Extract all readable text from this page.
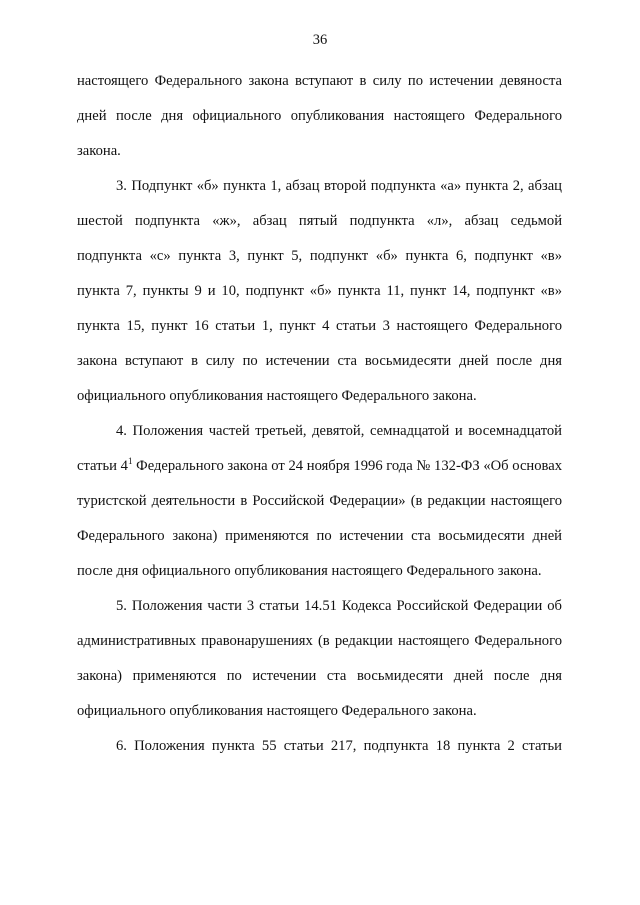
36

настоящего Федерального закона вступают в силу по истечении девяноста дней после дня официального опубликования настоящего Федерального закона.

3. Подпункт «б» пункта 1, абзац второй подпункта «а» пункта 2, абзац шестой подпункта «ж», абзац пятый подпункта «л», абзац седьмой подпункта «с» пункта 3, пункт 5, подпункт «б» пункта 6, подпункт «в» пункта 7, пункты 9 и 10, подпункт «б» пункта 11, пункт 14, подпункт «в» пункта 15, пункт 16 статьи 1, пункт 4 статьи 3 настоящего Федерального закона вступают в силу по истечении ста восьмидесяти дней после дня официального опубликования настоящего Федерального закона.

4. Положения частей третьей, девятой, семнадцатой и восемнадцатой статьи $4^1$ Федерального закона от 24 ноября 1996 года № 132-ФЗ «Об основах туристской деятельности в Российской Федерации» (в редакции настоящего Федерального закона) применяются по истечении ста восьмидесяти дней после дня официального опубликования настоящего Федерального закона.

5. Положения части 3 статьи 14.51 Кодекса Российской Федерации об административных правонарушениях (в редакции настоящего Федерального закона) применяются по истечении ста восьмидесяти дней после дня официального опубликования настоящего Федерального закона.

6. Положения пункта 55 статьи 217, подпункта 18 пункта 2 статьи
